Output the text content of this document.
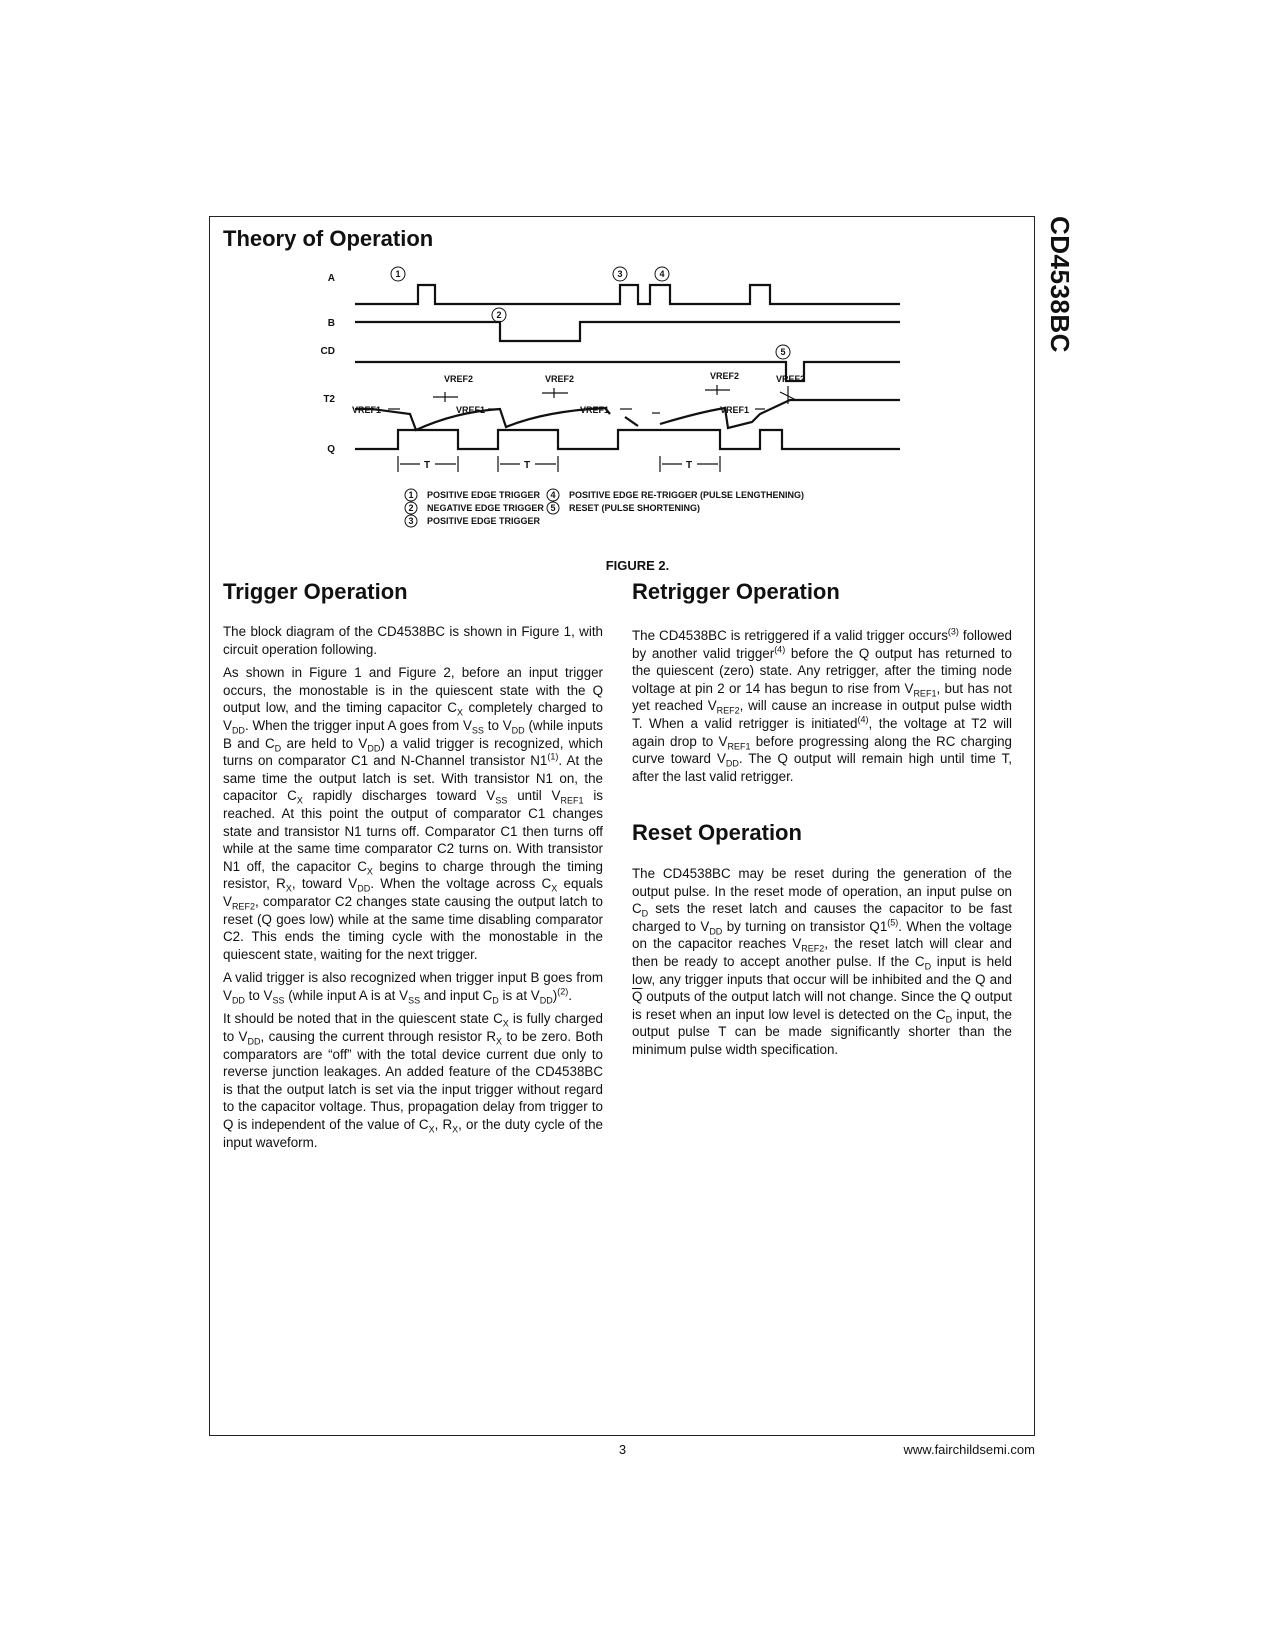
CD4538BC
Theory of Operation
A
B
CD
T2
Q
VREF2	VREF2	VREF2	VREF2
VREF1	VREF1	VREF1	VREF1
1
2
3	4
5
T	T	T
1 POSITIVE EDGE TRIGGER
2 NEGATIVE EDGE TRIGGER
3 POSITIVE EDGE TRIGGER
4 POSITIVE EDGE RE-TRIGGER (PULSE LENGTHENING)
5 RESET (PULSE SHORTENING)
FIGURE 2.
Trigger Operation

The block diagram of the CD4538BC is shown in Figure 1, with circuit operation following.

As shown in Figure 1 and Figure 2, before an input trigger occurs, the monostable is in the quiescent state with the Q output low, and the timing capacitor $C_X$ completely charged to $V_{DD}$. When the trigger input A goes from $V_{SS}$ to $V_{DD}$ (while inputs B and $C_D$ are held to $V_{DD}$) a valid trigger is recognized, which turns on comparator C1 and N-Channel transistor N1$^{(1)}$. At the same time the output latch is set. With transistor N1 on, the capacitor $C_X$ rapidly discharges toward $V_{SS}$ until $V_{REF1}$ is reached. At this point the output of comparator C1 changes state and transistor N1 turns off. Comparator C1 then turns off while at the same time comparator C2 turns on. With transistor N1 off, the capacitor $C_X$ begins to charge through the timing resistor, $R_X$, toward $V_{DD}$. When the voltage across $C_X$ equals $V_{REF2}$, comparator C2 changes state causing the output latch to reset (Q goes low) while at the same time disabling comparator C2. This ends the timing cycle with the monostable in the quiescent state, waiting for the next trigger.

A valid trigger is also recognized when trigger input B goes from $V_{DD}$ to $V_{SS}$ (while input A is at $V_{SS}$ and input $C_D$ is at $V_{DD})^{(2)}$.

It should be noted that in the quiescent state $C_X$ is fully charged to $V_{DD}$, causing the current through resistor $R_X$ to be zero. Both comparators are “off” with the total device current due only to reverse junction leakages. An added feature of the CD4538BC is that the output latch is set via the input trigger without regard to the capacitor voltage. Thus, propagation delay from trigger to Q is independent of the value of $C_X$, $R_X$, or the duty cycle of the input waveform.

Retrigger Operation

The CD4538BC is retriggered if a valid trigger occurs$^{(3)}$ followed by another valid trigger$^{(4)}$ before the Q output has returned to the quiescent (zero) state. Any retrigger, after the timing node voltage at pin 2 or 14 has begun to rise from $V_{REF1}$, but has not yet reached $V_{REF2}$, will cause an increase in output pulse width T. When a valid retrigger is initiated$^{(4)}$, the voltage at T2 will again drop to $V_{REF1}$ before progressing along the RC charging curve toward $V_{DD}$. The Q output will remain high until time T, after the last valid retrigger.

Reset Operation

The CD4538BC may be reset during the generation of the output pulse. In the reset mode of operation, an input pulse on $C_D$ sets the reset latch and causes the capacitor to be fast charged to $V_{DD}$ by turning on transistor Q1$^{(5)}$. When the voltage on the capacitor reaches $V_{REF2}$, the reset latch will clear and then be ready to accept another pulse. If the $C_D$ input is held low, any trigger inputs that occur will be inhibited and the Q and $\overline{Q}$ outputs of the output latch will not change. Since the Q output is reset when an input low level is detected on the $C_D$ input, the output pulse T can be made significantly shorter than the minimum pulse width specification.

3	www.fairchildsemi.com
